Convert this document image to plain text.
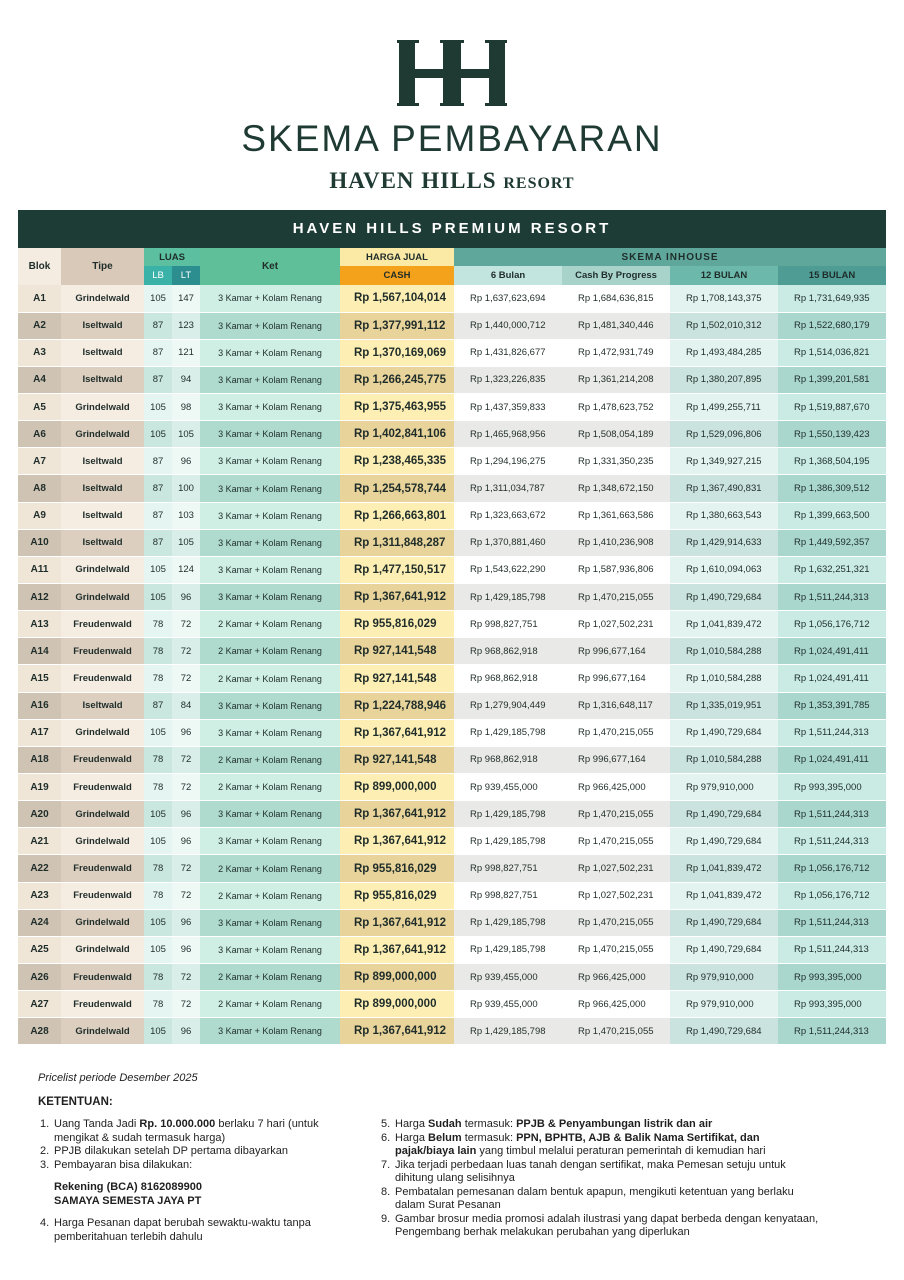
SKEMA PEMBAYARAN
HAVEN HILLS RESORT
HAVEN HILLS PREMIUM RESORT
Blok	Tipe	LUAS		Ket	HARGA JUAL	SKEMA INHOUSE			
		LB	LT		CASH	6 Bulan	Cash By Progress	12 BULAN	15 BULAN
A1	Grindelwald	105	147	3 Kamar + Kolam Renang	Rp 1,567,104,014	Rp 1,637,623,694	Rp 1,684,636,815	Rp 1,708,143,375	Rp 1,731,649,935
A2	Iseltwald	87	123	3 Kamar + Kolam Renang	Rp 1,377,991,112	Rp 1,440,000,712	Rp 1,481,340,446	Rp 1,502,010,312	Rp 1,522,680,179
A3	Iseltwald	87	121	3 Kamar + Kolam Renang	Rp 1,370,169,069	Rp 1,431,826,677	Rp 1,472,931,749	Rp 1,493,484,285	Rp 1,514,036,821
A4	Iseltwald	87	94	3 Kamar + Kolam Renang	Rp 1,266,245,775	Rp 1,323,226,835	Rp 1,361,214,208	Rp 1,380,207,895	Rp 1,399,201,581
A5	Grindelwald	105	98	3 Kamar + Kolam Renang	Rp 1,375,463,955	Rp 1,437,359,833	Rp 1,478,623,752	Rp 1,499,255,711	Rp 1,519,887,670
A6	Grindelwald	105	105	3 Kamar + Kolam Renang	Rp 1,402,841,106	Rp 1,465,968,956	Rp 1,508,054,189	Rp 1,529,096,806	Rp 1,550,139,423
A7	Iseltwald	87	96	3 Kamar + Kolam Renang	Rp 1,238,465,335	Rp 1,294,196,275	Rp 1,331,350,235	Rp 1,349,927,215	Rp 1,368,504,195
A8	Iseltwald	87	100	3 Kamar + Kolam Renang	Rp 1,254,578,744	Rp 1,311,034,787	Rp 1,348,672,150	Rp 1,367,490,831	Rp 1,386,309,512
A9	Iseltwald	87	103	3 Kamar + Kolam Renang	Rp 1,266,663,801	Rp 1,323,663,672	Rp 1,361,663,586	Rp 1,380,663,543	Rp 1,399,663,500
A10	Iseltwald	87	105	3 Kamar + Kolam Renang	Rp 1,311,848,287	Rp 1,370,881,460	Rp 1,410,236,908	Rp 1,429,914,633	Rp 1,449,592,357
A11	Grindelwald	105	124	3 Kamar + Kolam Renang	Rp 1,477,150,517	Rp 1,543,622,290	Rp 1,587,936,806	Rp 1,610,094,063	Rp 1,632,251,321
A12	Grindelwald	105	96	3 Kamar + Kolam Renang	Rp 1,367,641,912	Rp 1,429,185,798	Rp 1,470,215,055	Rp 1,490,729,684	Rp 1,511,244,313
A13	Freudenwald	78	72	2 Kamar + Kolam Renang	Rp 955,816,029	Rp 998,827,751	Rp 1,027,502,231	Rp 1,041,839,472	Rp 1,056,176,712
A14	Freudenwald	78	72	2 Kamar + Kolam Renang	Rp 927,141,548	Rp 968,862,918	Rp 996,677,164	Rp 1,010,584,288	Rp 1,024,491,411
A15	Freudenwald	78	72	2 Kamar + Kolam Renang	Rp 927,141,548	Rp 968,862,918	Rp 996,677,164	Rp 1,010,584,288	Rp 1,024,491,411
A16	Iseltwald	87	84	3 Kamar + Kolam Renang	Rp 1,224,788,946	Rp 1,279,904,449	Rp 1,316,648,117	Rp 1,335,019,951	Rp 1,353,391,785
A17	Grindelwald	105	96	3 Kamar + Kolam Renang	Rp 1,367,641,912	Rp 1,429,185,798	Rp 1,470,215,055	Rp 1,490,729,684	Rp 1,511,244,313
A18	Freudenwald	78	72	2 Kamar + Kolam Renang	Rp 927,141,548	Rp 968,862,918	Rp 996,677,164	Rp 1,010,584,288	Rp 1,024,491,411
A19	Freudenwald	78	72	2 Kamar + Kolam Renang	Rp 899,000,000	Rp 939,455,000	Rp 966,425,000	Rp 979,910,000	Rp 993,395,000
A20	Grindelwald	105	96	3 Kamar + Kolam Renang	Rp 1,367,641,912	Rp 1,429,185,798	Rp 1,470,215,055	Rp 1,490,729,684	Rp 1,511,244,313
A21	Grindelwald	105	96	3 Kamar + Kolam Renang	Rp 1,367,641,912	Rp 1,429,185,798	Rp 1,470,215,055	Rp 1,490,729,684	Rp 1,511,244,313
A22	Freudenwald	78	72	2 Kamar + Kolam Renang	Rp 955,816,029	Rp 998,827,751	Rp 1,027,502,231	Rp 1,041,839,472	Rp 1,056,176,712
A23	Freudenwald	78	72	2 Kamar + Kolam Renang	Rp 955,816,029	Rp 998,827,751	Rp 1,027,502,231	Rp 1,041,839,472	Rp 1,056,176,712
A24	Grindelwald	105	96	3 Kamar + Kolam Renang	Rp 1,367,641,912	Rp 1,429,185,798	Rp 1,470,215,055	Rp 1,490,729,684	Rp 1,511,244,313
A25	Grindelwald	105	96	3 Kamar + Kolam Renang	Rp 1,367,641,912	Rp 1,429,185,798	Rp 1,470,215,055	Rp 1,490,729,684	Rp 1,511,244,313
A26	Freudenwald	78	72	2 Kamar + Kolam Renang	Rp 899,000,000	Rp 939,455,000	Rp 966,425,000	Rp 979,910,000	Rp 993,395,000
A27	Freudenwald	78	72	2 Kamar + Kolam Renang	Rp 899,000,000	Rp 939,455,000	Rp 966,425,000	Rp 979,910,000	Rp 993,395,000
A28	Grindelwald	105	96	3 Kamar + Kolam Renang	Rp 1,367,641,912	Rp 1,429,185,798	Rp 1,470,215,055	Rp 1,490,729,684	Rp 1,511,244,313
Pricelist periode Desember 2025
KETENTUAN:
1. Uang Tanda Jadi Rp. 10.000.000 berlaku 7 hari (untuk mengikat & sudah termasuk harga)
2. PPJB dilakukan setelah DP pertama dibayarkan
3. Pembayaran bisa dilakukan:
Rekening (BCA) 8162089900
SAMAYA SEMESTA JAYA PT
4. Harga Pesanan dapat berubah sewaktu-waktu tanpa pemberitahuan terlebih dahulu
5. Harga Sudah termasuk: PPJB & Penyambungan listrik dan air
6. Harga Belum termasuk: PPN, BPHTB, AJB & Balik Nama Sertifikat, dan pajak/biaya lain yang timbul melalui peraturan pemerintah di kemudian hari
7. Jika terjadi perbedaan luas tanah dengan sertifikat, maka Pemesan setuju untuk dihitung ulang selisihnya
8. Pembatalan pemesanan dalam bentuk apapun, mengikuti ketentuan yang berlaku dalam Surat Pesanan
9. Gambar brosur media promosi adalah ilustrasi yang dapat berbeda dengan kenyataan, Pengembang berhak melakukan perubahan yang diperlukan
